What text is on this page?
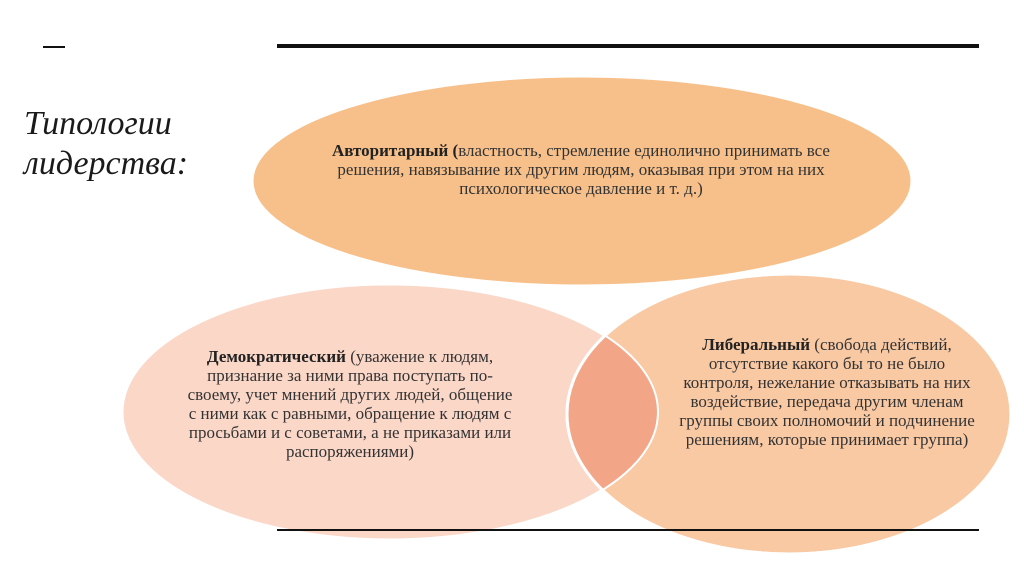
Типологии
лидерства:	Авторитарный (властность, стремление единолично принимать все решения, навязывание их другим людям, оказывая при этом на них психологическое давление и т. д.)
Демократический (уважение к людям, признание за ними права поступать по-своему, учет мнений других людей, общение с ними как с равными, обращение к людям с просьбами и с советами, а не приказами или распоряжениями)
Либеральный (свобода действий, отсутствие какого бы то не было контроля, нежелание отказывать на них воздействие, передача другим членам группы своих полномочий и подчинение решениям, которые принимает группа)
